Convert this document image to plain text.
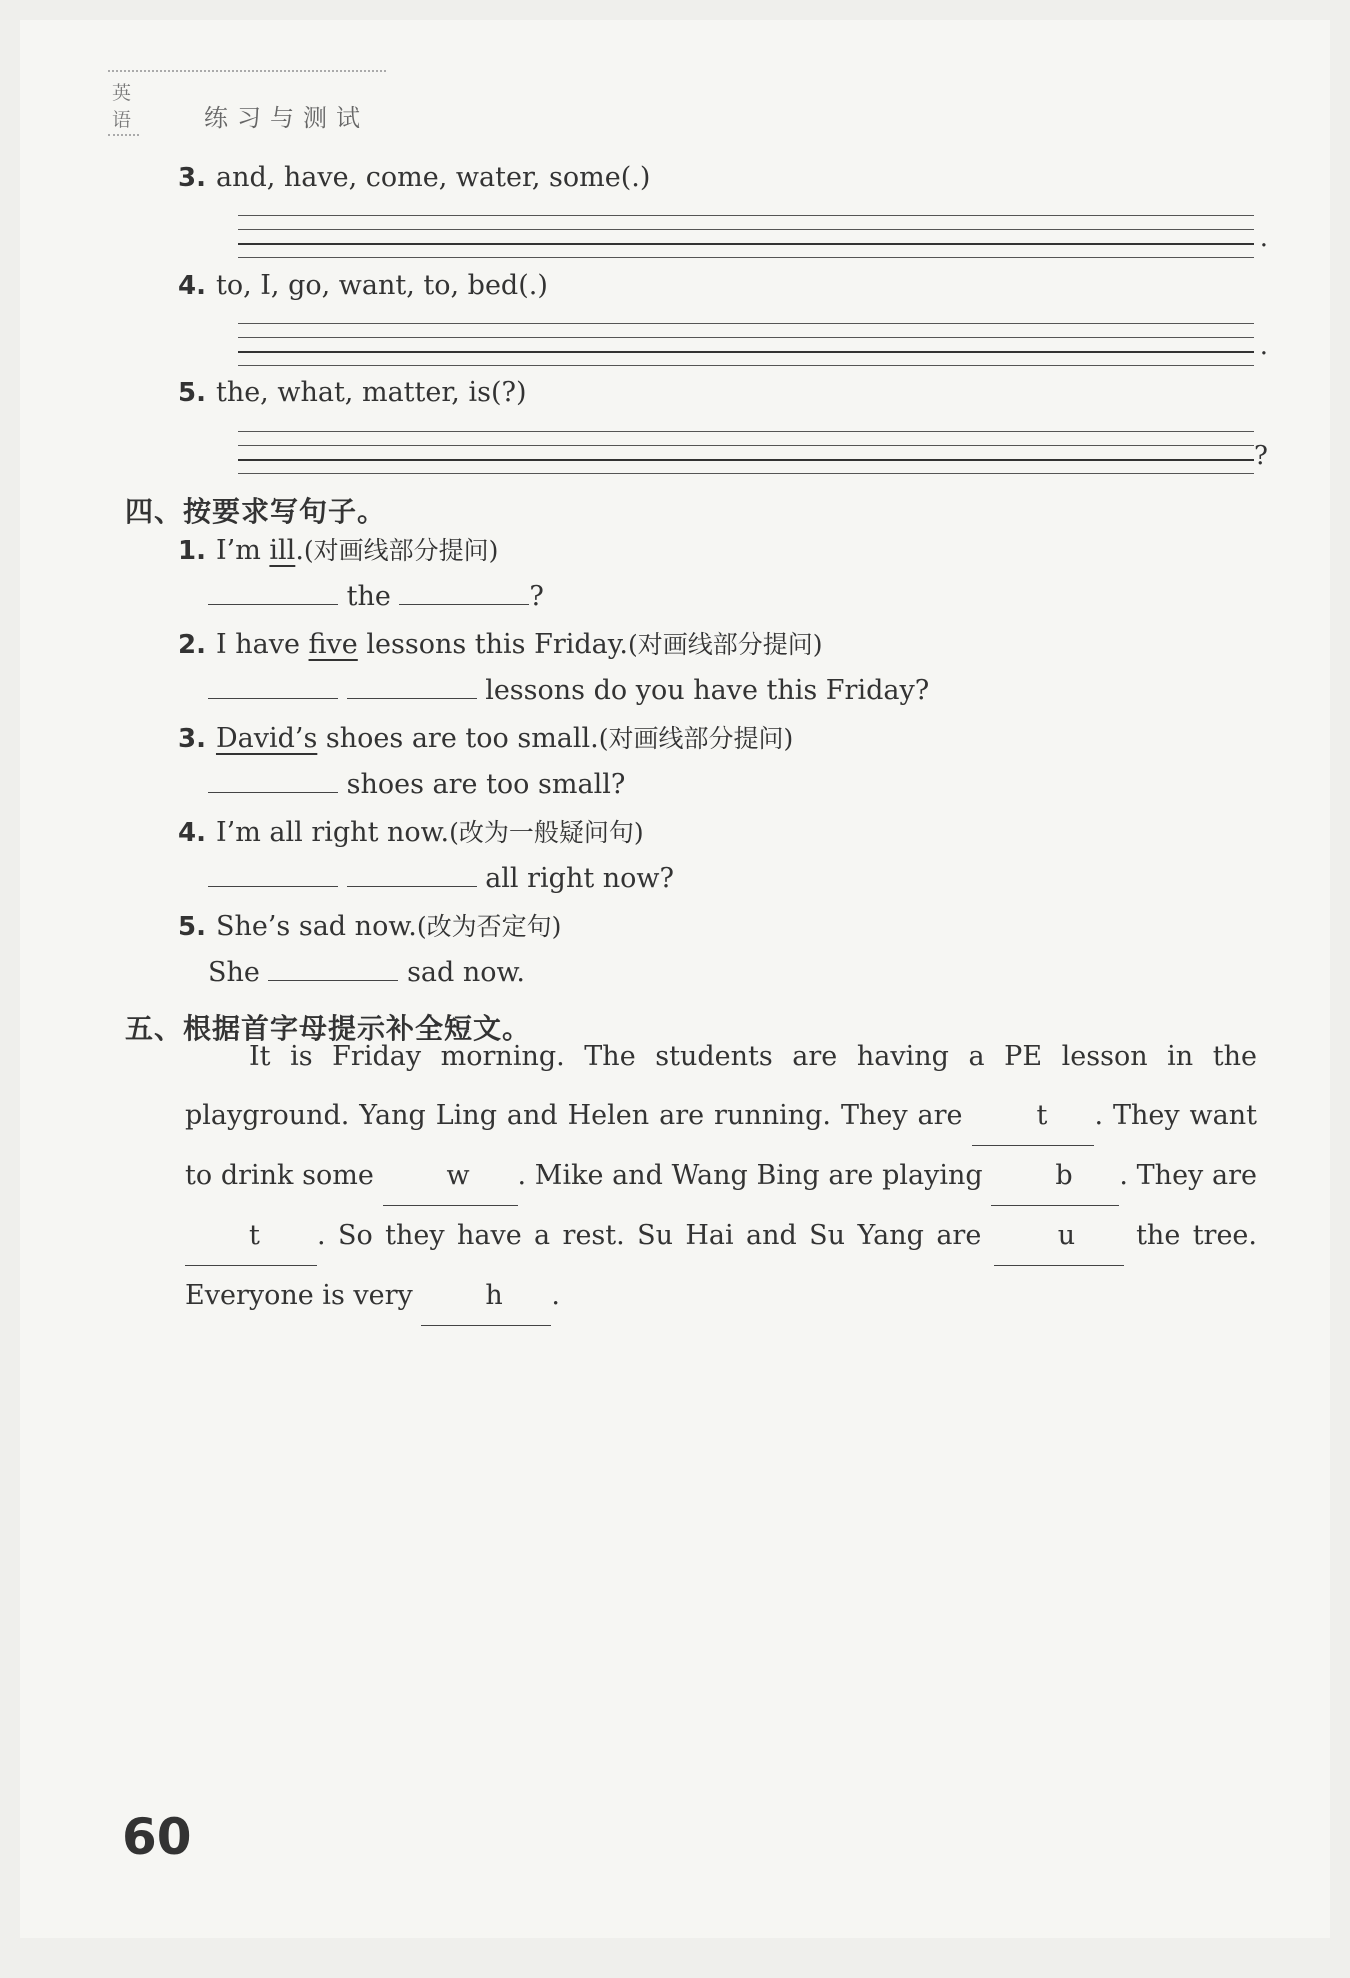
英语	练习与测试
3. and, have, come, water, some(.)
.
4. to, I, go, want, to, bed(.)
.
5. the, what, matter, is(?)
?
四、按要求写句子。
1. I’m ill.(对画线部分提问)
the	?
2. I have five lessons this Friday.(对画线部分提问)
lessons do you have this Friday?
3. David’s shoes are too small.(对画线部分提问)
shoes are too small?
4. I’m all right now.(改为一般疑问句)
all right now?
5. She’s sad now.(改为否定句)
She	sad now.
五、根据首字母提示补全短文。

It is Friday morning. The students are having a PE lesson in the playground. Yang Ling and Helen are running. They are t . They want to drink some w . Mike and Wang Bing are playing b . They are t . So they have a rest. Su Hai and Su Yang are u the tree. Everyone is very h .

60
